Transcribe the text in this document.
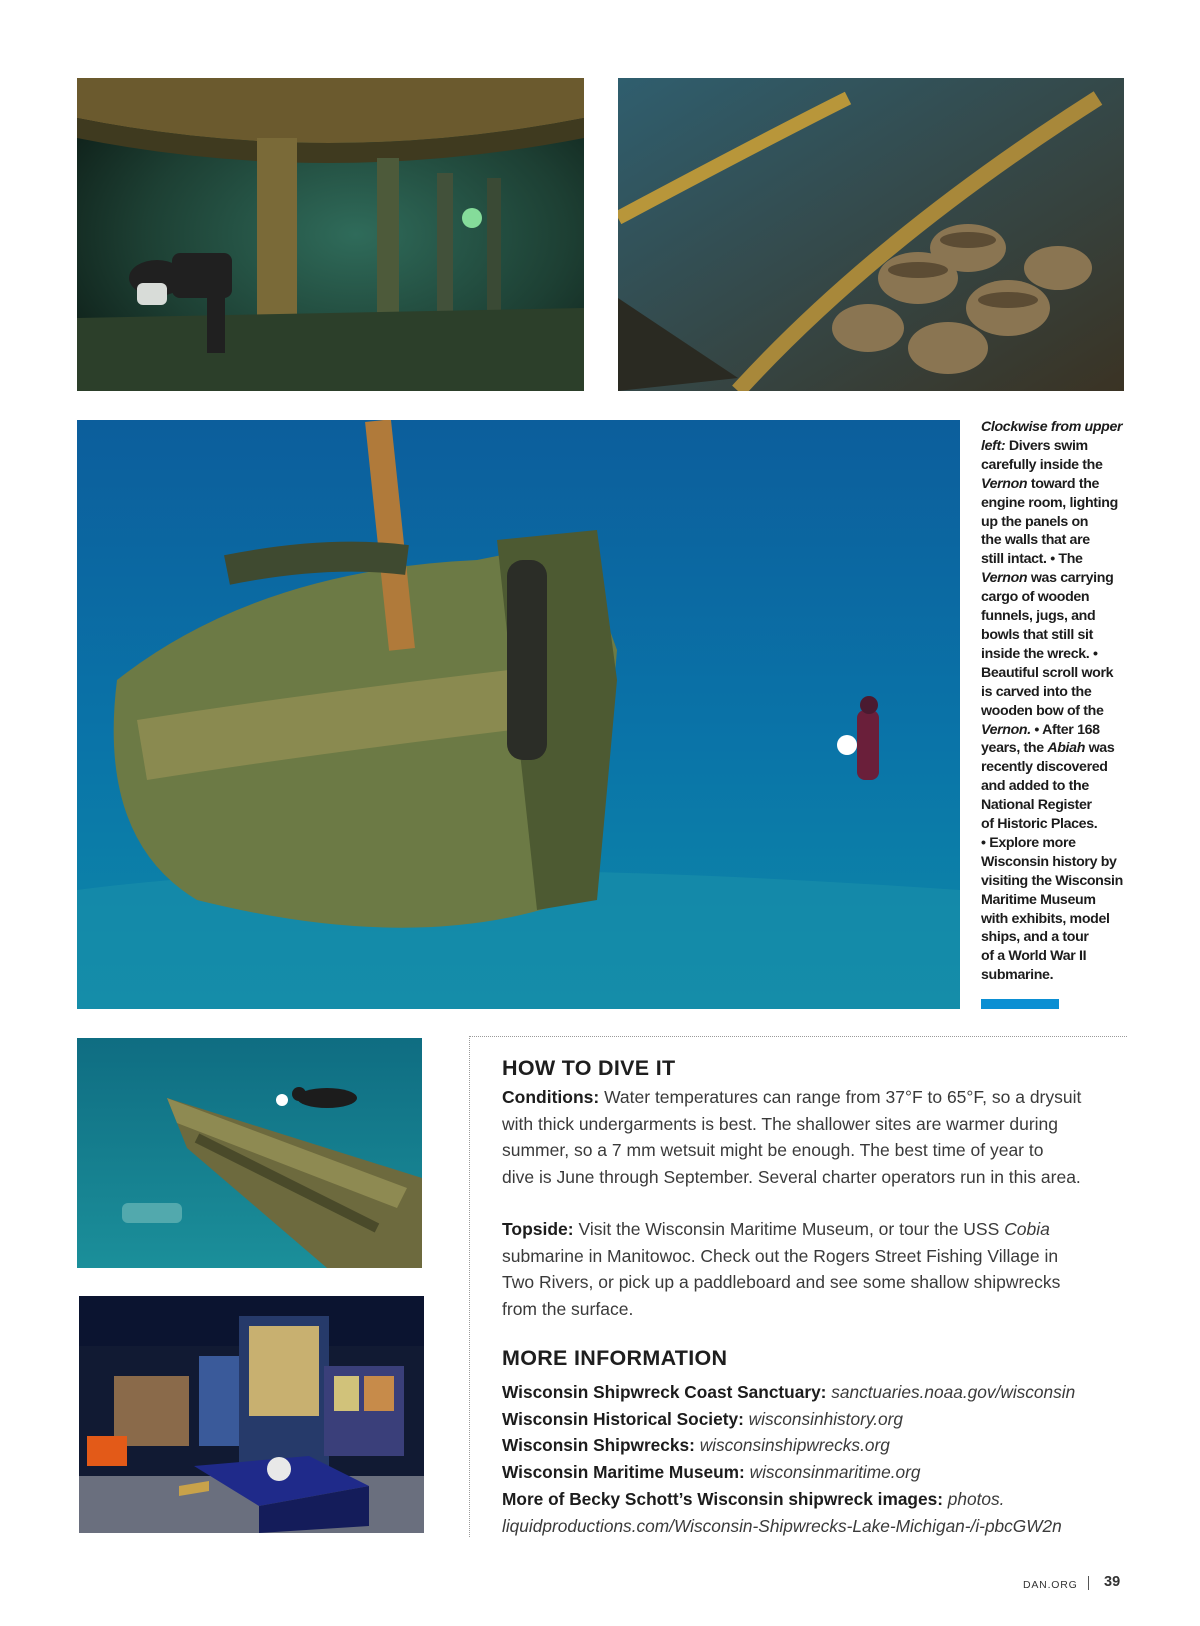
Clockwise from upper
left: Divers swim
carefully inside the
Vernon toward the
engine room, lighting
up the panels on
the walls that are
still intact. • The
Vernon was carrying
cargo of wooden
funnels, jugs, and
bowls that still sit
inside the wreck. •
Beautiful scroll work
is carved into the
wooden bow of the
Vernon. • After 168
years, the Abiah was
recently discovered
and added to the
National Register
of Historic Places.
• Explore more
Wisconsin history by
visiting the Wisconsin
Maritime Museum
with exhibits, model
ships, and a tour
of a World War II
submarine.
HOW TO DIVE IT

Conditions: Water temperatures can range from 37°F to 65°F, so a drysuit
with thick undergarments is best. The shallower sites are warmer during
summer, so a 7 mm wetsuit might be enough. The best time of year to
dive is June through September. Several charter operators run in this area.

Topside: Visit the Wisconsin Maritime Museum, or tour the USS Cobia
submarine in Manitowoc. Check out the Rogers Street Fishing Village in
Two Rivers, or pick up a paddleboard and see some shallow shipwrecks
from the surface.

MORE INFORMATION
Wisconsin Shipwreck Coast Sanctuary: sanctuaries.noaa.gov/wisconsin
Wisconsin Historical Society: wisconsinhistory.org
Wisconsin Shipwrecks: wisconsinshipwrecks.org
Wisconsin Maritime Museum: wisconsinmaritime.org
More of Becky Schott’s Wisconsin shipwreck images: photos.
liquidproductions.com/Wisconsin-Shipwrecks-Lake-Michigan-/i-pbcGW2n
DAN.ORG 39
